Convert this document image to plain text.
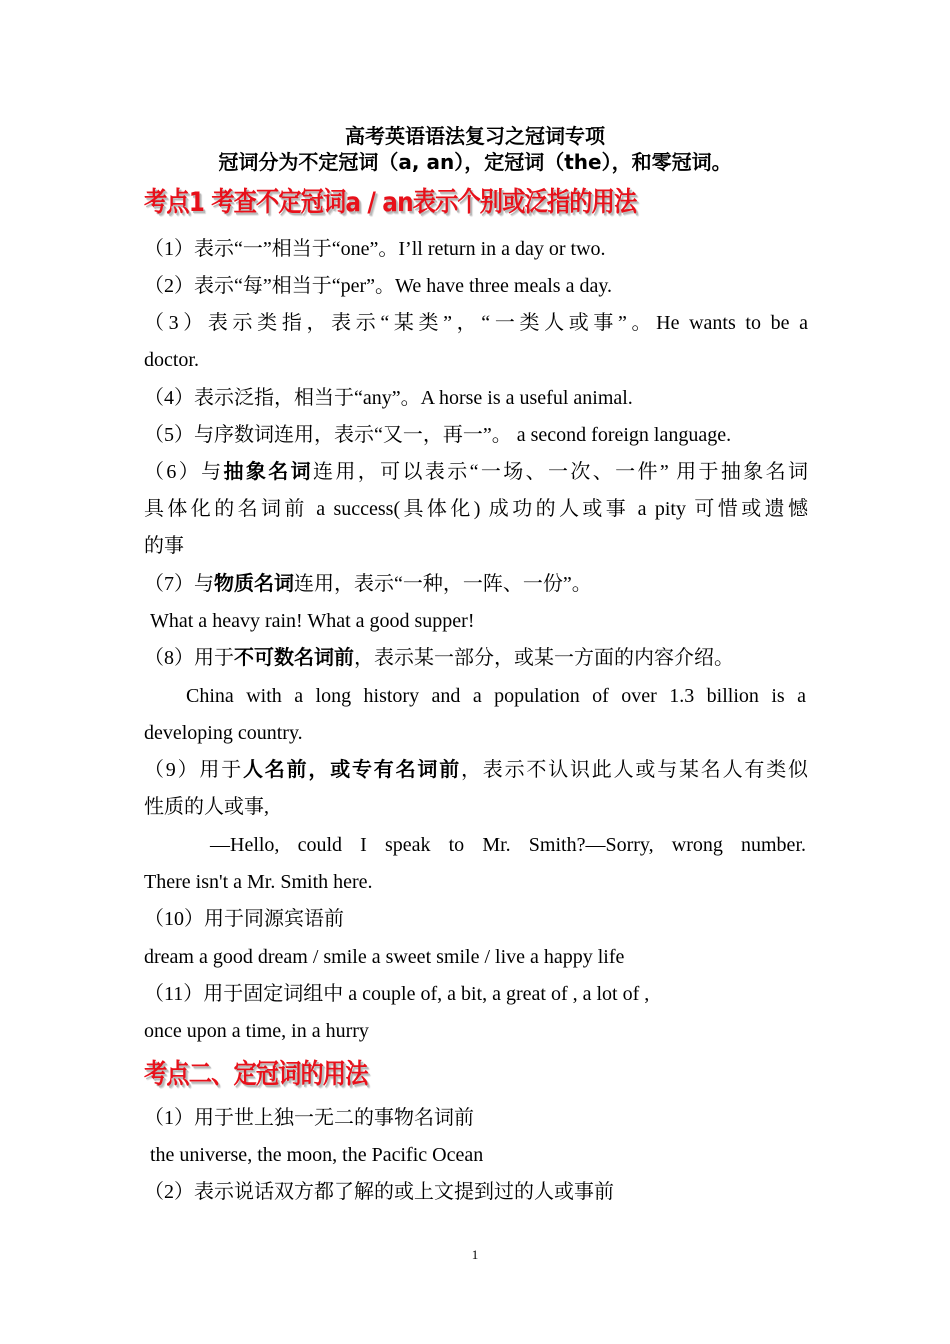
高考英语语法复习之冠词专项
冠词分为不定冠词（a, an），定冠词（the），和零冠词。
考点1 考查不定冠词a / an表示个别或泛指的用法
（1）表示“一”相当于“one”。I’ll return in a day or two.
（2）表示“每”相当于“per”。We have three meals a day.
（3）表示类指，表示“某类”，“一类人或事”。He wants to be a
doctor.
（4）表示泛指，相当于“any”。A horse is a useful animal.
（5）与序数词连用，表示“又一，再一”。 a second foreign language.
（6）与抽象名词连用，可以表示“一场、一次、一件” 用于抽象名词
具体化的名词前 a success(具体化) 成功的人或事 a pity 可惜或遗憾
的事
（7）与物质名词连用，表示“一种，一阵、一份”。
What a heavy rain! What a good supper!
（8）用于不可数名词前，表示某一部分，或某一方面的内容介绍。
China with a long history and a population of over 1.3 billion is a
developing country.
（9）用于人名前，或专有名词前，表示不认识此人或与某名人有类似
性质的人或事,
—Hello, could I speak to Mr. Smith?—Sorry, wrong number.
There isn't a Mr. Smith here.
（10）用于同源宾语前
dream a good dream / smile a sweet smile / live a happy life
（11）用于固定词组中 a couple of, a bit, a great of , a lot of ,
once upon a time, in a hurry
考点二、定冠词的用法
（1）用于世上独一无二的事物名词前
the universe, the moon, the Pacific Ocean
（2）表示说话双方都了解的或上文提到过的人或事前
1
